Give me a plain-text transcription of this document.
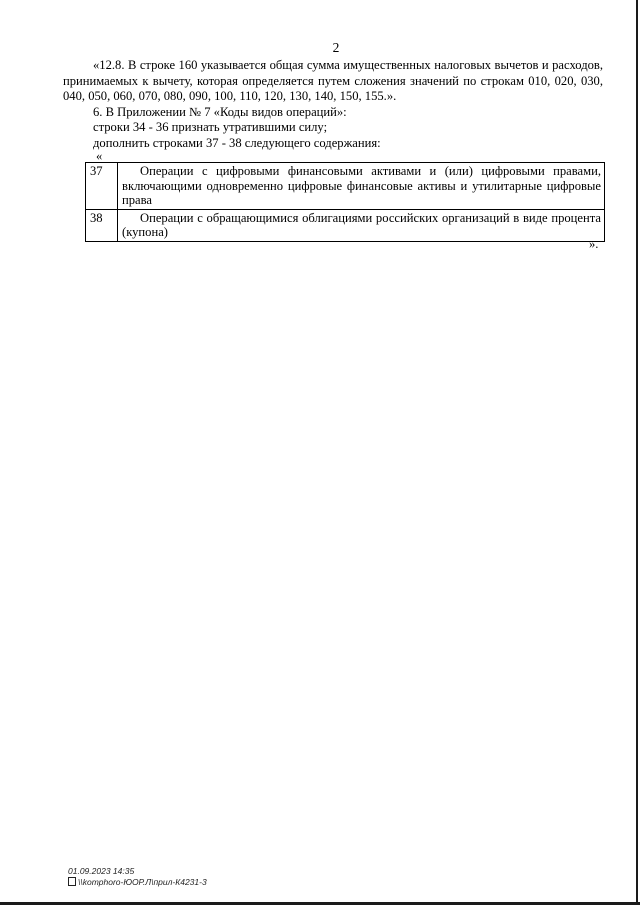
2

«12.8. В строке 160 указывается общая сумма имущественных налоговых вычетов и расходов, принимаемых к вычету, которая определяется путем сложения значений по строкам 010, 020, 030, 040, 050, 060, 070, 080, 090, 100, 110, 120, 130, 140, 150, 155.».

6. В Приложении № 7 «Коды видов операций»:

строки 34 - 36 признать утратившими силу;

дополнить строками 37 - 38 следующего содержания:

«
37	Операции с цифровыми финансовыми активами и (или) цифровыми правами, включающими одновременно цифровые финансовые активы и утилитарные цифровые права
38	Операции с обращающимися облигациями российских организаций в виде процента (купона)
».
01.09.2023 14:35
\\komphoro-ЮОР.Л\прил-К4231-3
